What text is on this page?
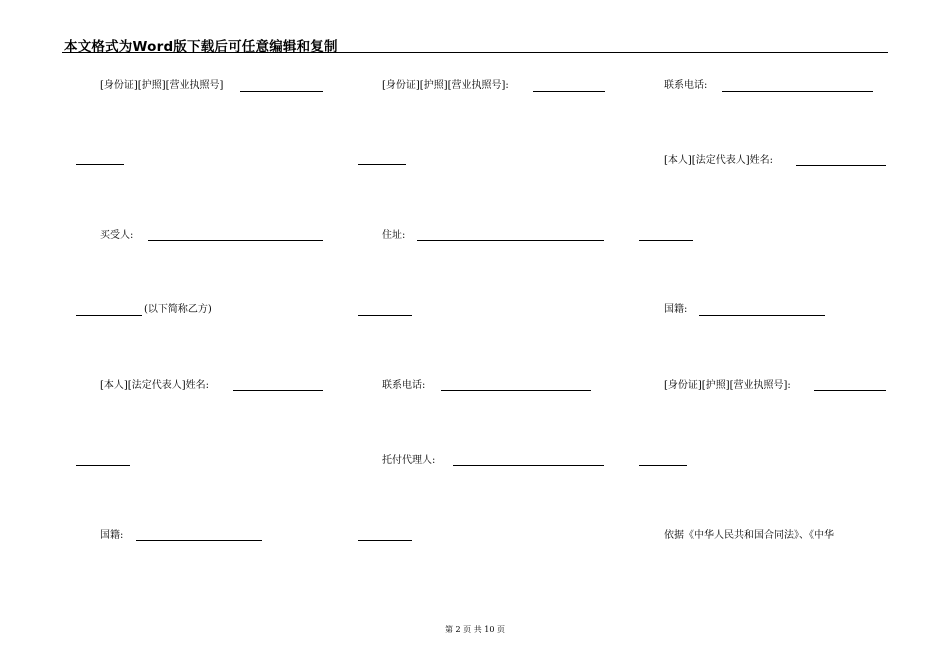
本文格式为Word版下载后可任意编辑和复制
[身份证][护照][营业执照号]
买受人:
(以下简称乙方)
[本人][法定代表人]姓名:
国籍:
[身份证][护照][营业执照号]:
住址:
联系电话:
托付代理人:
联系电话:
[本人][法定代表人]姓名:
国籍:
[身份证][护照][营业执照号]:
依据《中华人民共和国合同法》、《中华
第 2 页 共 10 页
